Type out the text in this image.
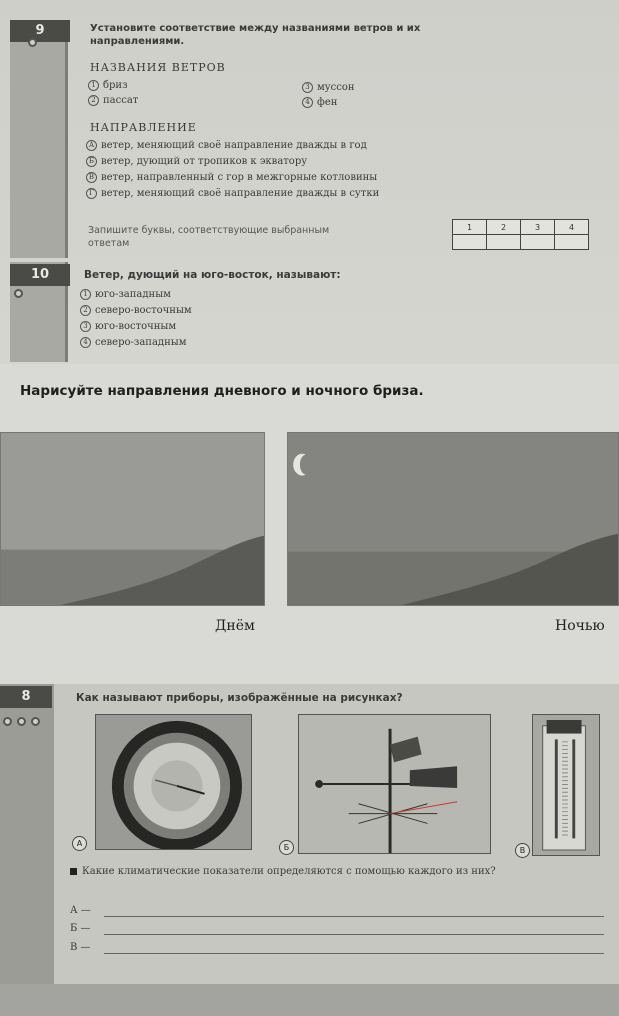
9	Установите соответствие между названиями ветров и их направлениями.
НАЗВАНИЯ ВЕТРОВ
1 бриз
2 пассат
3 муссон
4 фен
НАПРАВЛЕНИЕ
А ветер, меняющий своё направление дважды в год
Б ветер, дующий от тропиков к экватору
В ветер, направленный с гор в межгорные котловины
Г ветер, меняющий своё направление дважды в сутки
Запишите буквы, соответствующие выбранным ответам
1	2	3	4

10	Ветер, дующий на юго-восток, называют:
1 юго-западным
2 северо-восточным
3 юго-восточным
4 северо-западным
Нарисуйте направления дневного и ночного бриза.
Днём	Ночью
8
	Как называют приборы, изображённые на рисунках?
А	Б	В
Какие климатические показатели определяются с помощью каждого из них?
А —
Б —
В —
